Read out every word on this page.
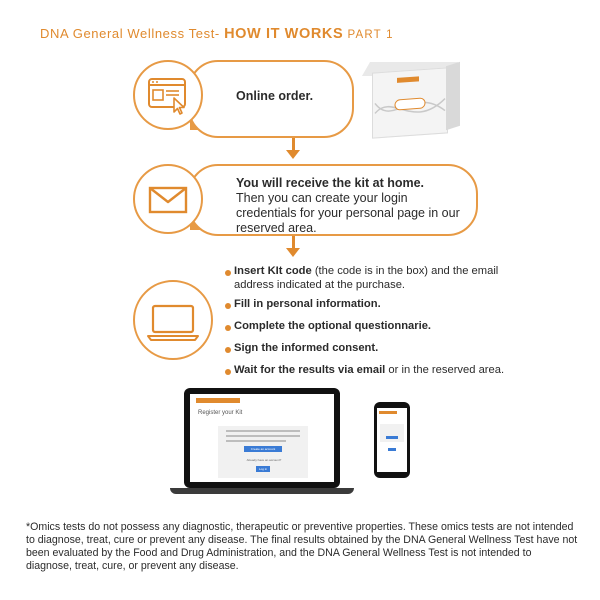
DNA General Wellness Test- HOW IT WORKS PART 1
Online order.
You will receive the kit at home.
Then you can create your login credentials for your personal page in our reserved area.
Insert KIt code (the code is in the box) and the email address indicated at the purchase.
Fill in personal information.
Complete the optional questionnarie.
Sign the informed consent.
Wait for the results via email or in the reserved area.
Register your Kit
Create an account
Already have an account?
Log in
*Omics tests do not possess any diagnostic, therapeutic or preventive properties. These omics tests are not intended to diagnose, treat, cure or prevent any disease. The final results obtained by the DNA General Wellness Test have not been evaluated by the Food and Drug Administration, and the DNA General Wellness Test is not intended to diagnose, treat, cure, or prevent any disease.
